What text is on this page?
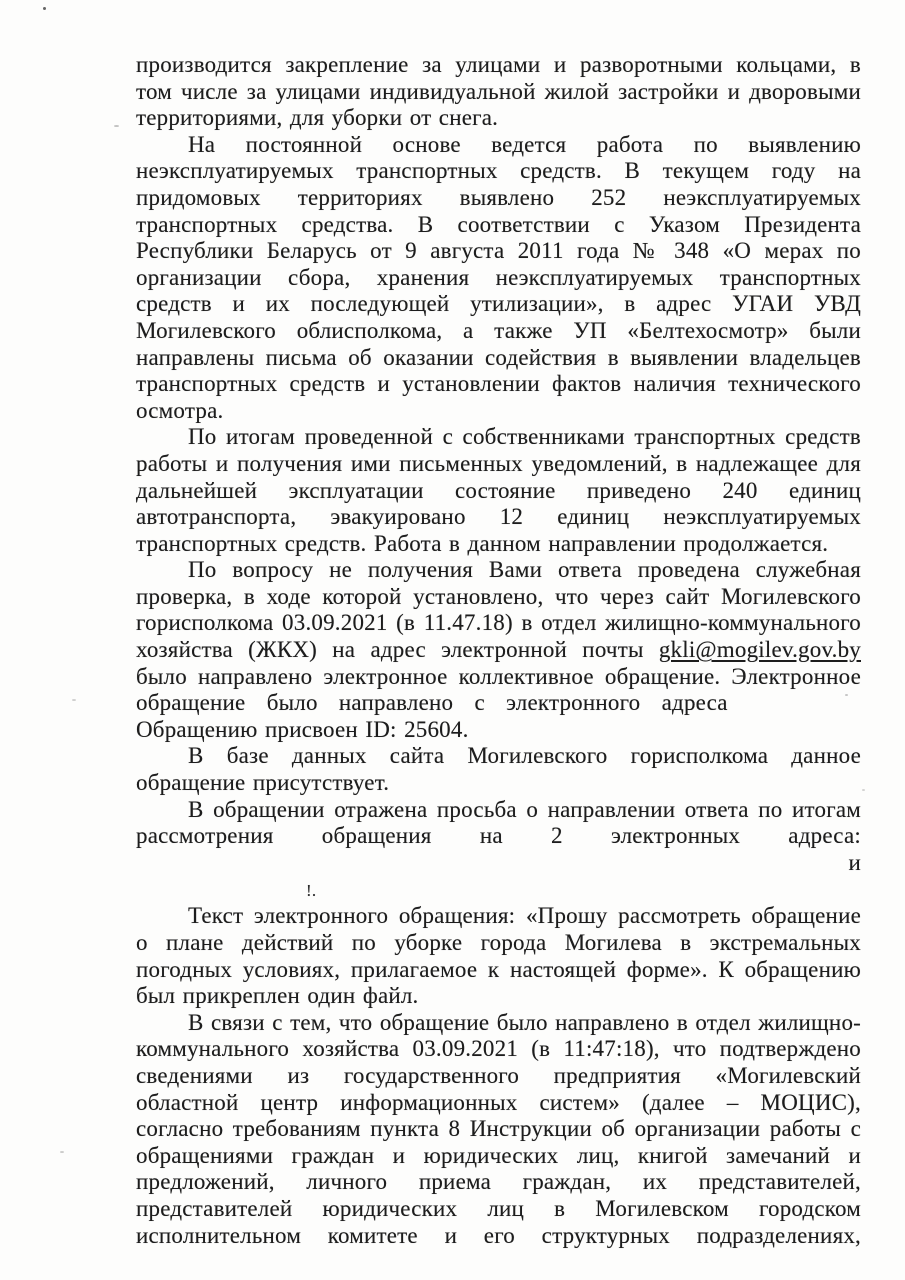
производится закрепление за улицами и разворотными кольцами, в том числе за улицами индивидуальной жилой застройки и дворовыми территориями, для уборки от снега.

На постоянной основе ведется работа по выявлению неэксплуатируемых транспортных средств. В текущем году на придомовых территориях выявлено 252 неэксплуатируемых транспортных средства. В соответствии с Указом Президента Республики Беларусь от 9 августа 2011 года № 348 «О мерах по организации сбора, хранения неэксплуатируемых транспортных средств и их последующей утилизации», в адрес УГАИ УВД Могилевского облисполкома, а также УП «Белтехосмотр» были направлены письма об оказании содействия в выявлении владельцев транспортных средств и установлении фактов наличия технического осмотра.

По итогам проведенной с собственниками транспортных средств работы и получения ими письменных уведомлений, в надлежащее для дальнейшей эксплуатации состояние приведено 240 единиц автотранспорта, эвакуировано 12 единиц неэксплуатируемых транспортных средств. Работа в данном направлении продолжается.

По вопросу не получения Вами ответа проведена служебная проверка, в ходе которой установлено, что через сайт Могилевского горисполкома 03.09.2021 (в 11.47.18) в отдел жилищно-коммунального хозяйства (ЖКХ) на адрес электронной почты gkli@mogilev.gov.by было направлено электронное коллективное обращение. Электронное обращение было направлено с электронного адреса

Обращению присвоен ID: 25604.

В базе данных сайта Могилевского горисполкома данное обращение присутствует.

В обращении отражена просьба о направлении ответа по итогам рассмотрения обращения на 2 электронных адреса:  и

!.

Текст электронного обращения: «Прошу рассмотреть обращение о плане действий по уборке города Могилева в экстремальных погодных условиях, прилагаемое к настоящей форме». К обращению был прикреплен один файл.

В связи с тем, что обращение было направлено в отдел жилищно-коммунального хозяйства 03.09.2021 (в 11:47:18), что подтверждено сведениями из государственного предприятия «Могилевский областной центр информационных систем» (далее – МОЦИС), согласно требованиям пункта 8 Инструкции об организации работы с обращениями граждан и юридических лиц, книгой замечаний и предложений, личного приема граждан, их представителей, представителей юридических лиц в Могилевском городском исполнительном комитете и его структурных подразделениях,
